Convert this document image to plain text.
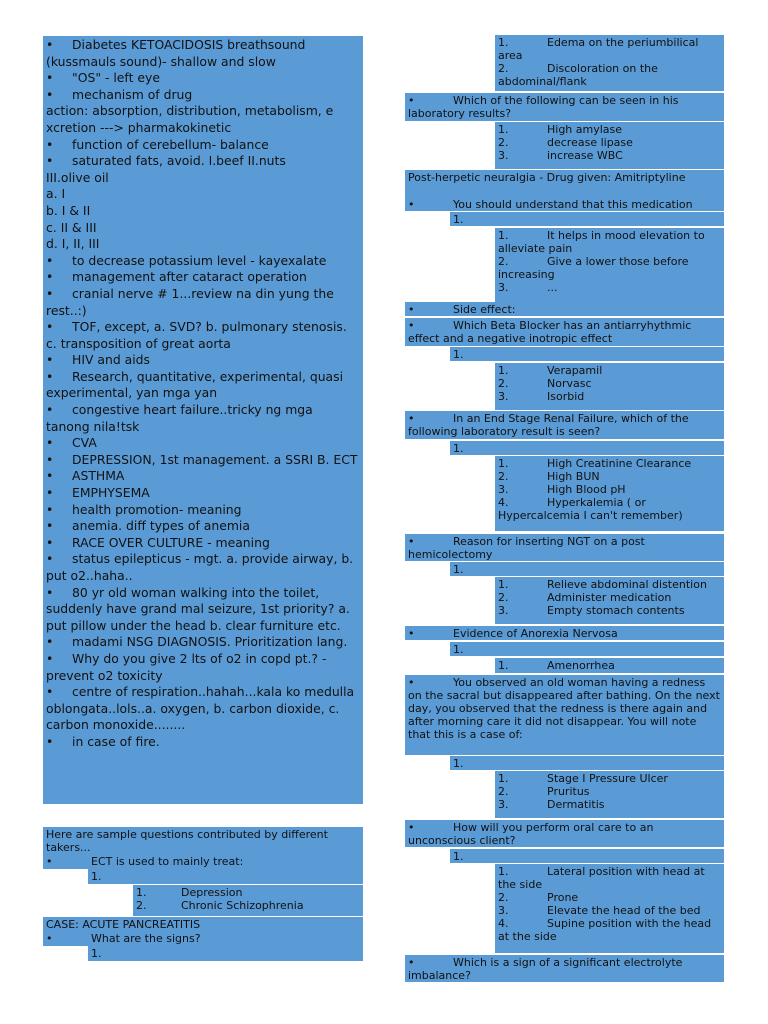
• Diabetes KETOACIDOSIS breathsound (kussmauls sound)- shallow and slow
• "OS" - left eye
• mechanism of drug
action: absorption, distribution, metabolism, e xcretion ---> pharmakokinetic
• function of cerebellum- balance
• saturated fats, avoid. I.beef II.nuts
III.olive oil
a. I
b. I & II
c. II & III
d. I, II, III
• to decrease potassium level - kayexalate
• management after cataract operation
• cranial nerve # 1...review na din yung the rest..:)
• TOF, except, a. SVD? b. pulmonary stenosis. c. transposition of great aorta
• HIV and aids
• Research, quantitative, experimental, quasi experimental, yan mga yan
• congestive heart failure..tricky ng mga tanong nila!tsk
• CVA
• DEPRESSION, 1st management. a SSRI B. ECT
• ASTHMA
• EMPHYSEMA
• health promotion- meaning
• anemia. diff types of anemia
• RACE OVER CULTURE - meaning
• status epilepticus - mgt. a. provide airway, b. put o2..haha..
• 80 yr old woman walking into the toilet, suddenly have grand mal seizure, 1st priority? a. put pillow under the head b. clear furniture etc.
• madami NSG DIAGNOSIS. Prioritization lang.
• Why do you give 2 lts of o2 in copd pt.? - prevent o2 toxicity
• centre of respiration..hahah...kala ko medulla oblongata..lols..a. oxygen, b. carbon dioxide, c. carbon monoxide........
• in case of fire.
Here are sample questions contributed by different takers...
• ECT is used to mainly treat:
1.
1.	Depression
2.	Chronic Schizophrenia
CASE: ACUTE PANCREATITIS
• What are the signs?
1.
1.	Edema on the periumbilical area
2.	Discoloration on the abdominal/flank
• Which of the following can be seen in his laboratory results?
1.	High amylase
2.	decrease lipase
3.	increase WBC
Post-herpetic neuralgia - Drug given: Amitriptyline
• You should understand that this medication
1.
1.	It helps in mood elevation to alleviate pain
2.	Give a lower those before increasing
3.	...
• Side effect:
• Which Beta Blocker has an antiarryhythmic effect and a negative inotropic effect
1.
1.	Verapamil
2.	Norvasc
3.	Isorbid
• In an End Stage Renal Failure, which of the following laboratory result is seen?
1.
1.	High Creatinine Clearance
2.	High BUN
3.	High Blood pH
4.	Hyperkalemia ( or Hypercalcemia I can't remember)
• Reason for inserting NGT on a post hemicolectomy
1.
1.	Relieve abdominal distention
2.	Administer medication
3.	Empty stomach contents
• Evidence of Anorexia Nervosa
1.
1.	Amenorrhea
• You observed an old woman having a redness on the sacral but disappeared after bathing. On the next day, you observed that the redness is there again and after morning care it did not disappear. You will note that this is a case of:
1.
1.	Stage I Pressure Ulcer
2.	Pruritus
3.	Dermatitis
• How will you perform oral care to an unconscious client?
1.
1.	Lateral position with head at the side
2.	Prone
3.	Elevate the head of the bed
4.	Supine position with the head at the side
• Which is a sign of a significant electrolyte imbalance?
